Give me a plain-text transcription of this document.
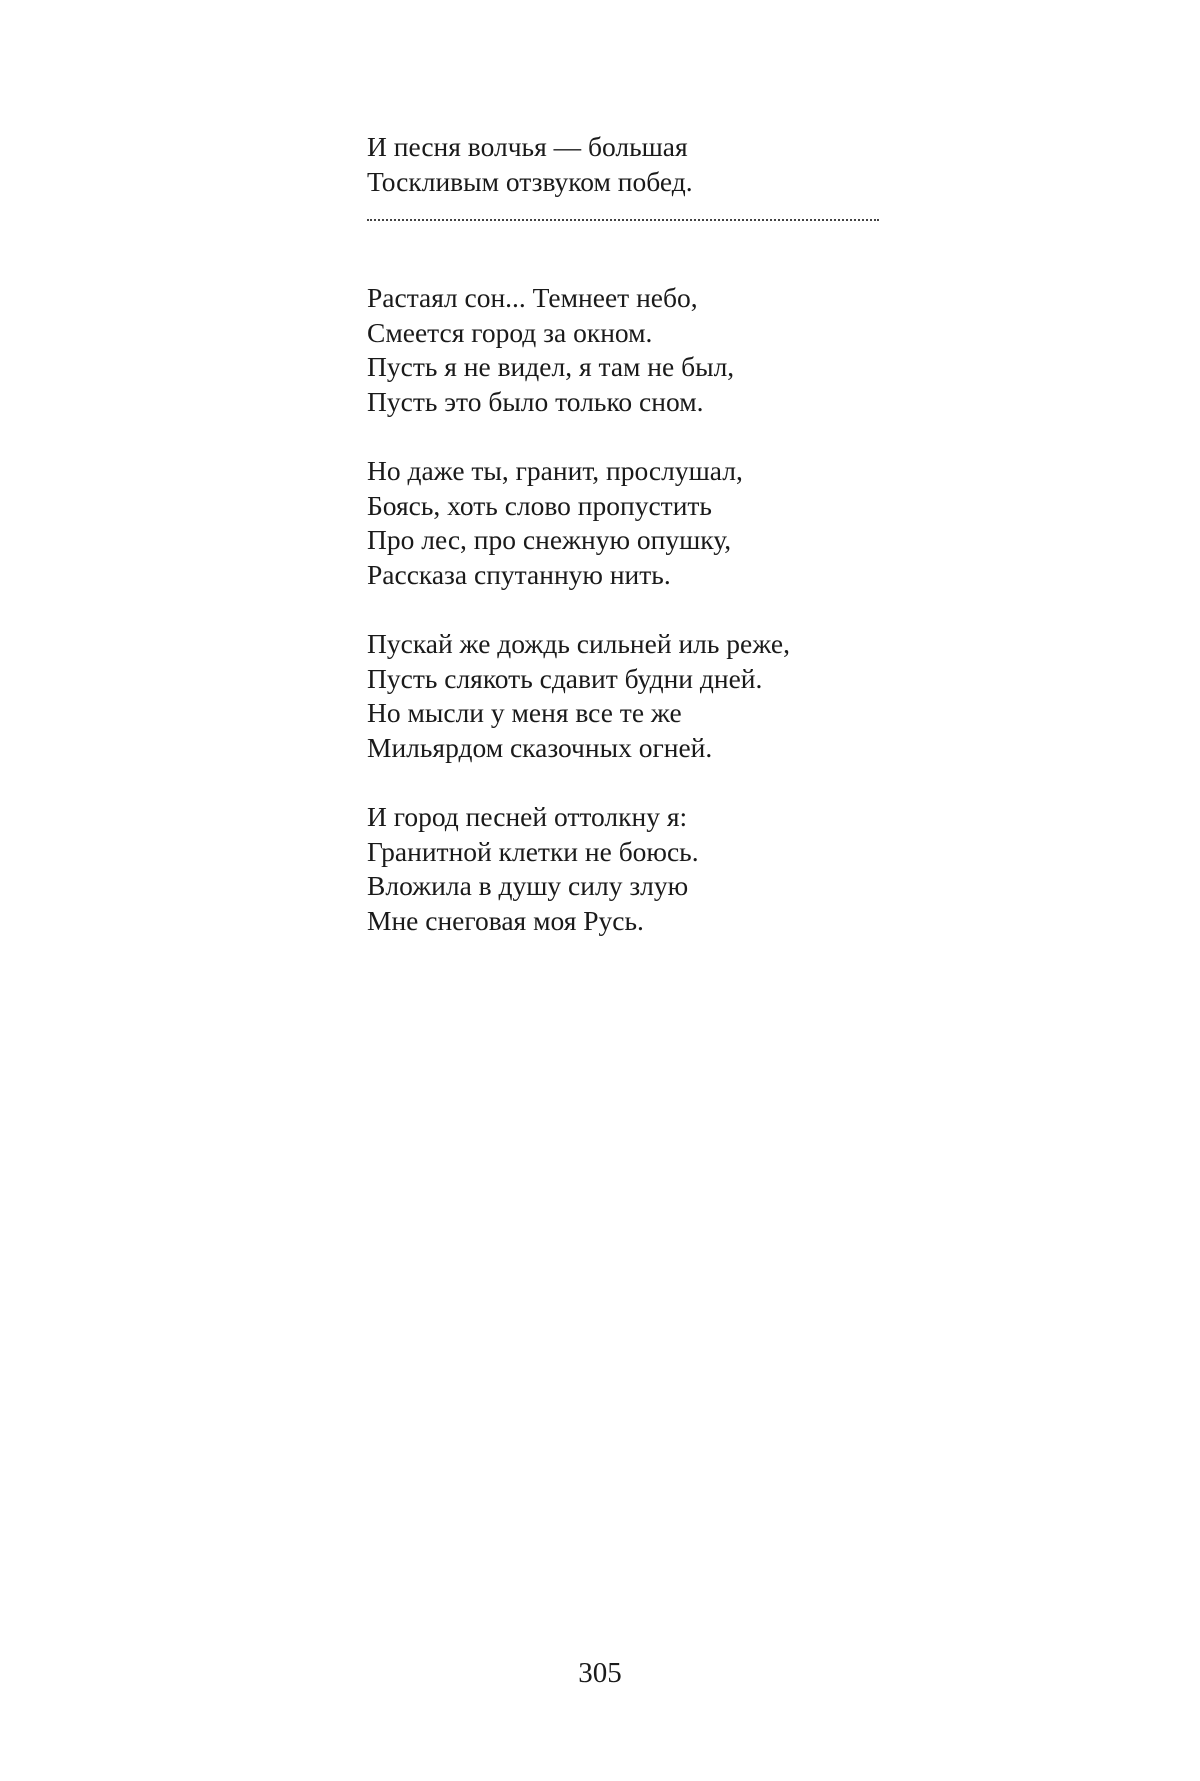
И песня волчья — большая
Тоскливым отзвуком побед.
Растаял сон... Темнеет небо,
Смеется город за окном.
Пусть я не видел, я там не был,
Пусть это было только сном.
Но даже ты, гранит, прослушал,
Боясь, хоть слово пропустить
Про лес, про снежную опушку,
Рассказа спутанную нить.
Пускай же дождь сильней иль реже,
Пусть слякоть сдавит будни дней.
Но мысли у меня все те же
Мильярдом сказочных огней.
И город песней оттолкну я:
Гранитной клетки не боюсь.
Вложила в душу силу злую
Мне снеговая моя Русь.
305
